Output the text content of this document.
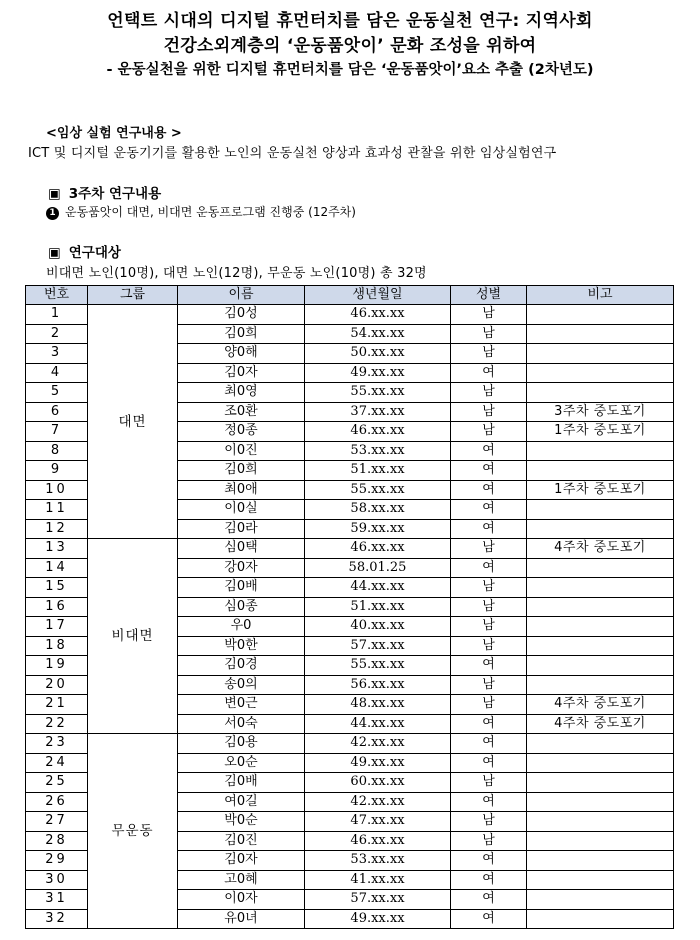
언택트 시대의 디지털 휴먼터치를 담은 운동실천 연구: 지역사회
건강소외계층의 ‘운동품앗이’ 문화 조성을 위하여
- 운동실천을 위한 디지털 휴먼터치를 담은 ‘운동품앗이’요소 추출 (2차년도)
<임상 실험 연구내용 >
ICT 및 디지털 운동기기를 활용한 노인의 운동실천 양상과 효과성 관찰을 위한 임상실험연구
▣ 3주차 연구내용
1 운동품앗이 대면, 비대면 운동프로그램 진행중 (12주차)
▣ 연구대상
비대면 노인(10명), 대면 노인(12명), 무운동 노인(10명) 총 32명
번호	그룹	이름	생년월일	성별	비고
1	대면	김0성	46.xx.xx	남	
2		김0희	54.xx.xx	남	
3		양0해	50.xx.xx	남	
4		김0자	49.xx.xx	여	
5		최0영	55.xx.xx	남	
6		조0환	37.xx.xx	남	3주차 중도포기
7		정0종	46.xx.xx	남	1주차 중도포기
8		이0진	53.xx.xx	여	
9		김0희	51.xx.xx	여	
10		최0애	55.xx.xx	여	1주차 중도포기
11		이0실	58.xx.xx	여	
12		김0라	59.xx.xx	여	
13	비대면	심0택	46.xx.xx	남	4주차 중도포기
14		강0자	58.01.25	여	
15		김0배	44.xx.xx	남	
16		심0종	51.xx.xx	남	
17		우0	40.xx.xx	남	
18		박0한	57.xx.xx	남	
19		김0경	55.xx.xx	여	
20		송0의	56.xx.xx	남	
21		변0근	48.xx.xx	남	4주차 중도포기
22		서0숙	44.xx.xx	여	4주차 중도포기
23	무운동	김0용	42.xx.xx	여	
24		오0순	49.xx.xx	여	
25		김0배	60.xx.xx	남	
26		여0길	42.xx.xx	여	
27		박0순	47.xx.xx	남	
28		김0진	46.xx.xx	남	
29		김0자	53.xx.xx	여	
30		고0혜	41.xx.xx	여	
31		이0자	57.xx.xx	여	
32		유0녀	49.xx.xx	여	
